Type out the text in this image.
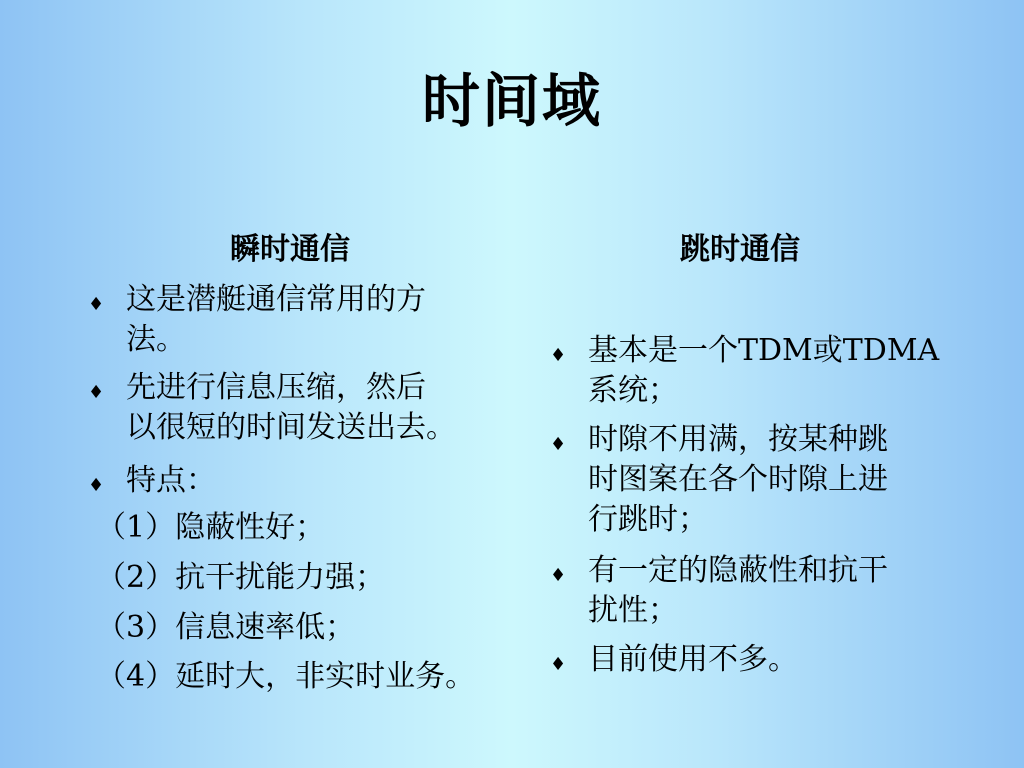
时间域
瞬时通信	跳时通信
♦ 这是潜艇通信常用的方
法。
♦ 先进行信息压缩，然后
以很短的时间发送出去。
♦ 特点：
（1）隐蔽性好；
（2）抗干扰能力强；
（3）信息速率低；
（4）延时大，非实时业务。
♦ 基本是一个TDM或TDMA
系统；
♦ 时隙不用满，按某种跳
时图案在各个时隙上进
行跳时；
♦ 有一定的隐蔽性和抗干
扰性；
♦ 目前使用不多。
